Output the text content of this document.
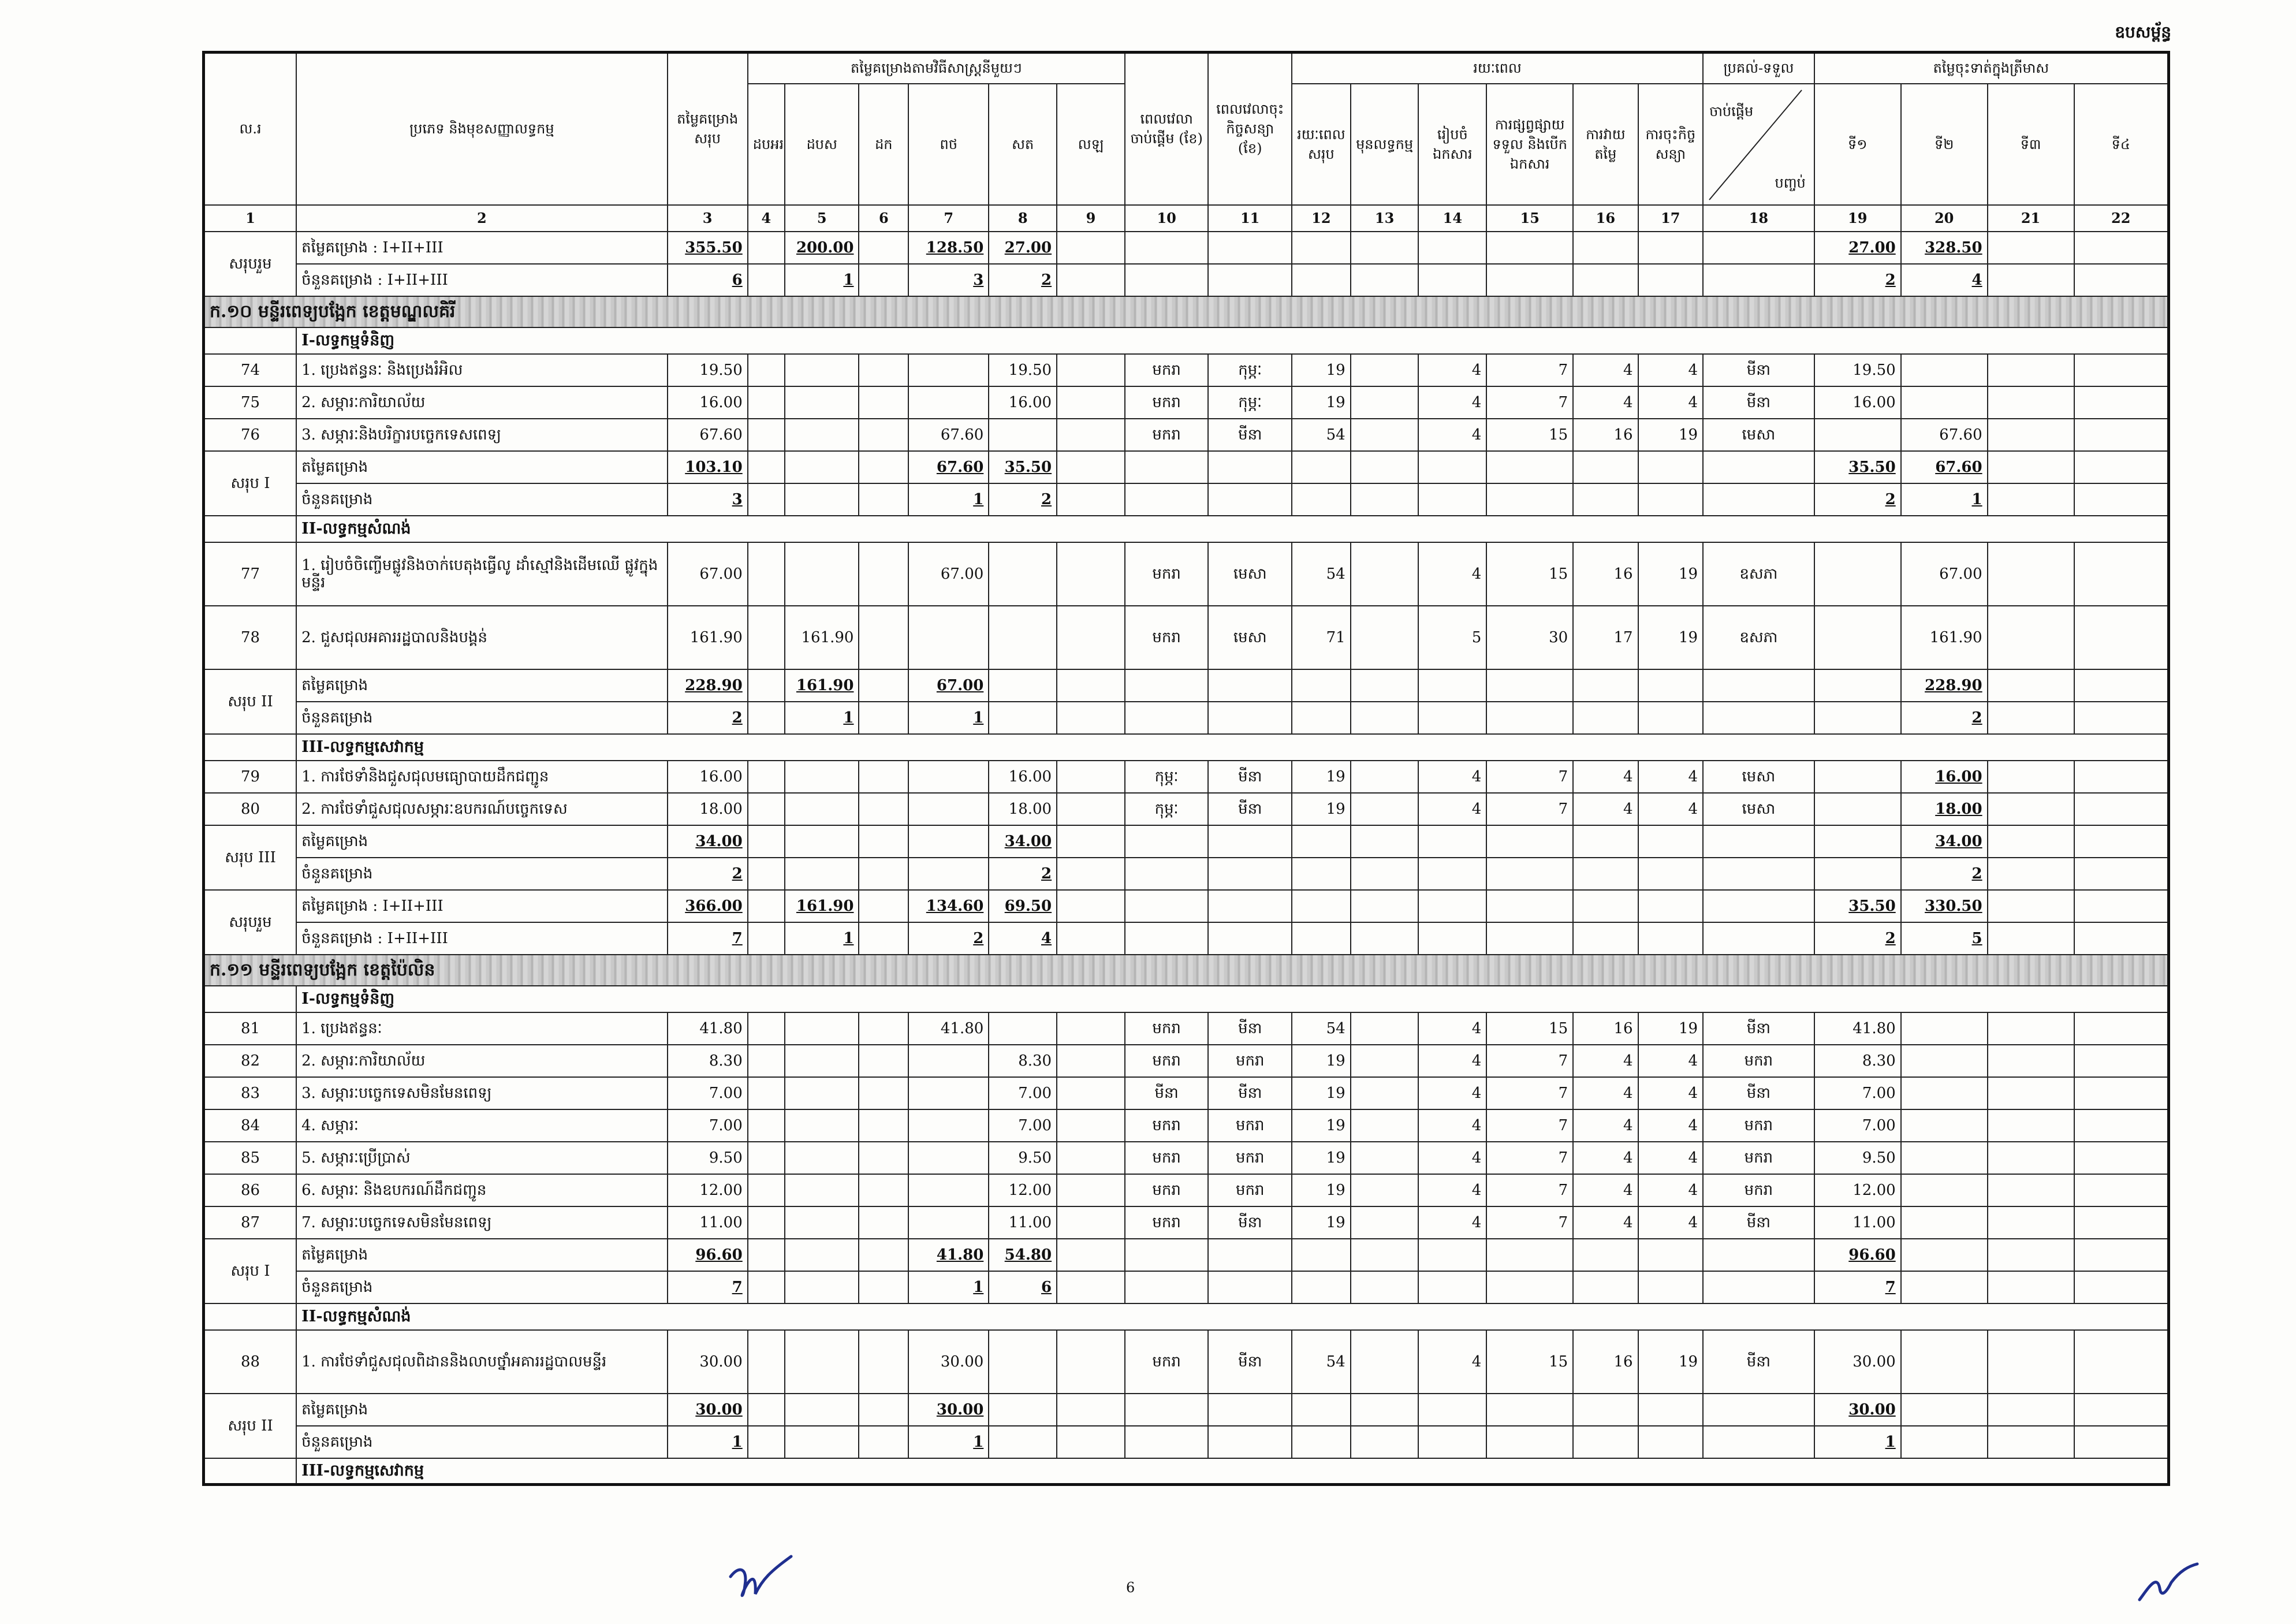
ឧបសម្ព័ន្ធ
ល.រ	ប្រភេទ និងមុខសញ្ញាលទ្ធកម្ម	តម្លៃគម្រោងសរុប	តម្លៃគម្រោងតាមវិធីសាស្ត្រនីមួយៗ						ពេលវេលាចាប់ផ្តើម (ខែ)	ពេលវេលាចុះកិច្ចសន្យា (ខែ)	រយៈពេល						ប្រគល់-ទទួល	តម្លៃចុះទាត់ក្នុងត្រីមាស			
			ដបអរ	ដបស	ដក	ពថ	សត	លឡ			រយៈពេលសរុប	មុនលទ្ធកម្ម	រៀបចំឯកសារ	ការផ្សព្វផ្សាយ ទទួល និងបើកឯកសារ	ការវាយតម្លៃ	ការចុះកិច្ចសន្យា	ចាប់ផ្តើម
បញ្ចប់	ទី១	ទី២	ទី៣	ទី៤
1	2	3	4	5	6	7	8	9	10	11	12	13	14	15	16	17	18	19	20	21	22
សរុបរួម	តម្លៃគម្រោង : I+II+III	355.50		200.00		128.50	27.00											27.00	328.50		
	ចំនួនគម្រោង : I+II+III	6		1		3	2											2	4		
ក.១០ មន្ទីរពេទ្យបង្អែក ខេត្តមណ្ឌលគិរី																					
	I-លទ្ធកម្មទំនិញ																				
74	1. ប្រេងឥន្ធនៈ និងប្រេងរំអិល	19.50					19.50		មករា	កុម្ភៈ	19		4	7	4	4	មីនា	19.50			
75	2. សម្ភារៈការិយាល័យ	16.00					16.00		មករា	កុម្ភៈ	19		4	7	4	4	មីនា	16.00			
76	3. សម្ភារៈនិងបរិក្ខារបច្ចេកទេសពេទ្យ	67.60				67.60			មករា	មីនា	54		4	15	16	19	មេសា		67.60		
សរុប I	តម្លៃគម្រោង	103.10				67.60	35.50											35.50	67.60		
	ចំនួនគម្រោង	3				1	2											2	1		
	II-លទ្ធកម្មសំណង់																				
77	1. រៀបចំចិញ្ចើមផ្លូវនិងចាក់បេតុងធ្វើលូ ដាំស្មៅនិងដើមឈើ ផ្លូវក្នុងមន្ទីរ	67.00				67.00			មករា	មេសា	54		4	15	16	19	ឧសភា		67.00		
78	2. ជួសជុលអគាររដ្ឋបាលនិងបង្គន់	161.90		161.90					មករា	មេសា	71		5	30	17	19	ឧសភា		161.90		
សរុប II	តម្លៃគម្រោង	228.90		161.90		67.00													228.90		
	ចំនួនគម្រោង	2		1		1													2		
	III-លទ្ធកម្មសេវាកម្ម																				
79	1. ការថែទាំនិងជួសជុលមធ្យោបាយដឹកជញ្ជូន	16.00					16.00		កុម្ភៈ	មីនា	19		4	7	4	4	មេសា		16.00		
80	2. ការថែទាំជួសជុលសម្ភារៈឧបករណ៍បច្ចេកទេស	18.00					18.00		កុម្ភៈ	មីនា	19		4	7	4	4	មេសា		18.00		
សរុប III	តម្លៃគម្រោង	34.00					34.00												34.00		
	ចំនួនគម្រោង	2					2												2		
សរុបរួម	តម្លៃគម្រោង : I+II+III	366.00		161.90		134.60	69.50											35.50	330.50		
	ចំនួនគម្រោង : I+II+III	7		1		2	4											2	5		
ក.១១ មន្ទីរពេទ្យបង្អែក ខេត្តប៉ៃលិន																					
	I-លទ្ធកម្មទំនិញ																				
81	1. ប្រេងឥន្ធនៈ	41.80				41.80			មករា	មីនា	54		4	15	16	19	មីនា	41.80			
82	2. សម្ភារៈការិយាល័យ	8.30					8.30		មករា	មករា	19		4	7	4	4	មករា	8.30			
83	3. សម្ភារៈបច្ចេកទេសមិនមែនពេទ្យ	7.00					7.00		មីនា	មីនា	19		4	7	4	4	មីនា	7.00			
84	4. សម្ភារៈ	7.00					7.00		មករា	មករា	19		4	7	4	4	មករា	7.00			
85	5. សម្ភារៈប្រើប្រាស់	9.50					9.50		មករា	មករា	19		4	7	4	4	មករា	9.50			
86	6. សម្ភារៈ និងឧបករណ៍ដឹកជញ្ជូន	12.00					12.00		មករា	មករា	19		4	7	4	4	មករា	12.00			
87	7. សម្ភារៈបច្ចេកទេសមិនមែនពេទ្យ	11.00					11.00		មករា	មីនា	19		4	7	4	4	មីនា	11.00			
សរុប I	តម្លៃគម្រោង	96.60				41.80	54.80											96.60			
	ចំនួនគម្រោង	7				1	6											7			
	II-លទ្ធកម្មសំណង់																				
88	1. ការថែទាំជួសជុលពិដាននិងលាបថ្នាំអគាររដ្ឋបាលមន្ទីរ	30.00				30.00			មករា	មីនា	54		4	15	16	19	មីនា	30.00			
សរុប II	តម្លៃគម្រោង	30.00				30.00												30.00			
	ចំនួនគម្រោង	1				1												1			
	III-លទ្ធកម្មសេវាកម្ម																				
6
